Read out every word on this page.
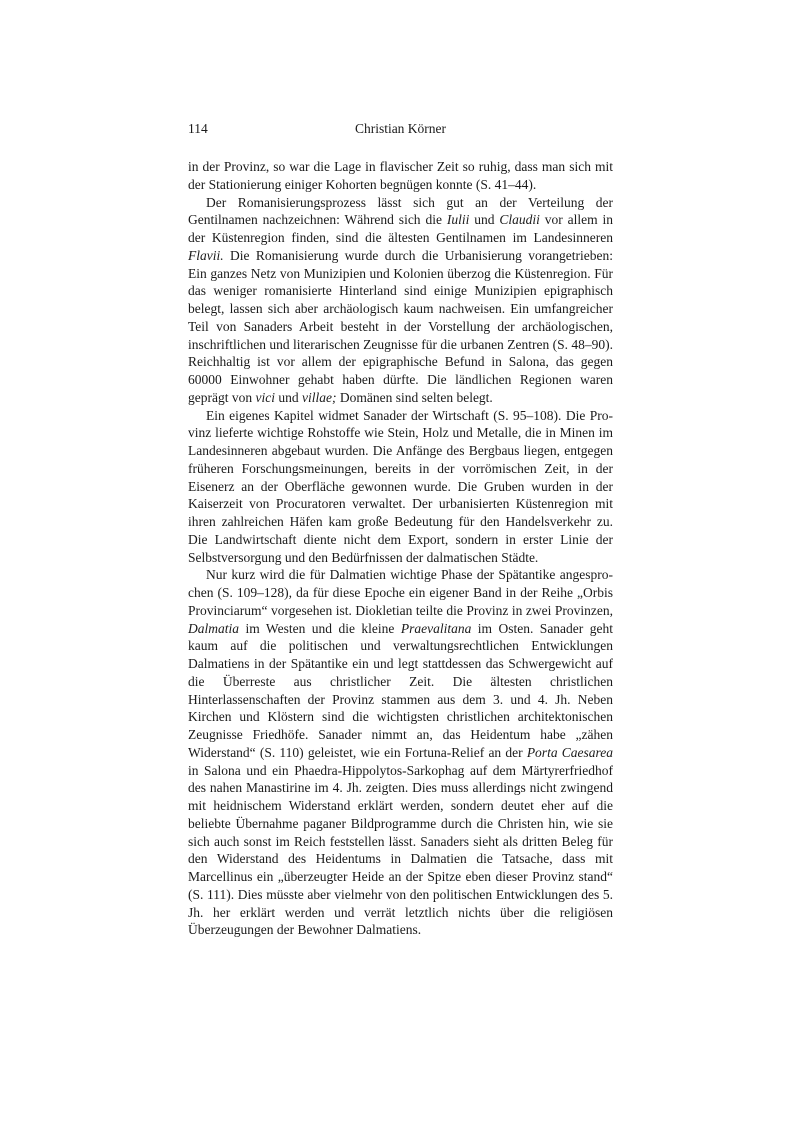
114	Christian Körner

in der Provinz, so war die Lage in flavischer Zeit so ruhig, dass man sich mit der Stationierung einiger Kohorten begnügen konnte (S. 41–44).

Der Romanisierungsprozess lässt sich gut an der Verteilung der Gentilnamen nachzeichnen: Während sich die Iulii und Claudii vor allem in der Küstenregion finden, sind die ältesten Gentilnamen im Landesinneren Flavii. Die Romanisierung wurde durch die Urbanisierung vorangetrieben: Ein ganzes Netz von Munizipien und Kolonien überzog die Küstenregion. Für das weniger romanisierte Hinterland sind einige Munizipien epigraphisch belegt, lassen sich aber archäologisch kaum nachweisen. Ein umfangreicher Teil von Sanaders Arbeit besteht in der Vorstellung der archäologischen, inschriftlichen und literarischen Zeugnisse für die urbanen Zentren (S. 48–90). Reichhaltig ist vor allem der epigraphische Befund in Salona, das gegen 60000 Einwohner gehabt haben dürfte. Die ländlichen Regionen waren geprägt von vici und villae; Domänen sind selten belegt.

Ein eigenes Kapitel widmet Sanader der Wirtschaft (S. 95–108). Die Provinz lieferte wichtige Rohstoffe wie Stein, Holz und Metalle, die in Minen im Landesinneren abgebaut wurden. Die Anfänge des Bergbaus liegen, entgegen früheren Forschungsmeinungen, bereits in der vorrömischen Zeit, in der Eisenerz an der Oberfläche gewonnen wurde. Die Gruben wurden in der Kaiserzeit von Procuratoren verwaltet. Der urbanisierten Küstenregion mit ihren zahlreichen Häfen kam große Bedeutung für den Handelsverkehr zu. Die Landwirtschaft diente nicht dem Export, sondern in erster Linie der Selbstversorgung und den Bedürfnissen der dalmatischen Städte.

Nur kurz wird die für Dalmatien wichtige Phase der Spätantike angesprochen (S. 109–128), da für diese Epoche ein eigener Band in der Reihe „Orbis Provinciarum“ vorgesehen ist. Diokletian teilte die Provinz in zwei Provinzen, Dalmatia im Westen und die kleine Praevalitana im Osten. Sanader geht kaum auf die politischen und verwaltungsrechtlichen Entwicklungen Dalmatiens in der Spätantike ein und legt stattdessen das Schwergewicht auf die Überreste aus christlicher Zeit. Die ältesten christlichen Hinterlassenschaften der Provinz stammen aus dem 3. und 4. Jh. Neben Kirchen und Klöstern sind die wichtigsten christlichen architektonischen Zeugnisse Friedhöfe. Sanader nimmt an, das Heidentum habe „zähen Widerstand“ (S. 110) geleistet, wie ein Fortuna-Relief an der Porta Caesarea in Salona und ein Phaedra-Hippolytos-Sarkophag auf dem Märtyrerfriedhof des nahen Manastirine im 4. Jh. zeigten. Dies muss allerdings nicht zwingend mit heidnischem Widerstand erklärt werden, sondern deutet eher auf die beliebte Übernahme paganer Bildprogramme durch die Christen hin, wie sie sich auch sonst im Reich feststellen lässt. Sanaders sieht als dritten Beleg für den Widerstand des Heidentums in Dalmatien die Tatsache, dass mit Marcellinus ein „überzeugter Heide an der Spitze eben dieser Provinz stand“ (S. 111). Dies müsste aber vielmehr von den politischen Entwicklungen des 5. Jh. her erklärt werden und verrät letztlich nichts über die religiösen Überzeugungen der Bewohner Dalmatiens.
